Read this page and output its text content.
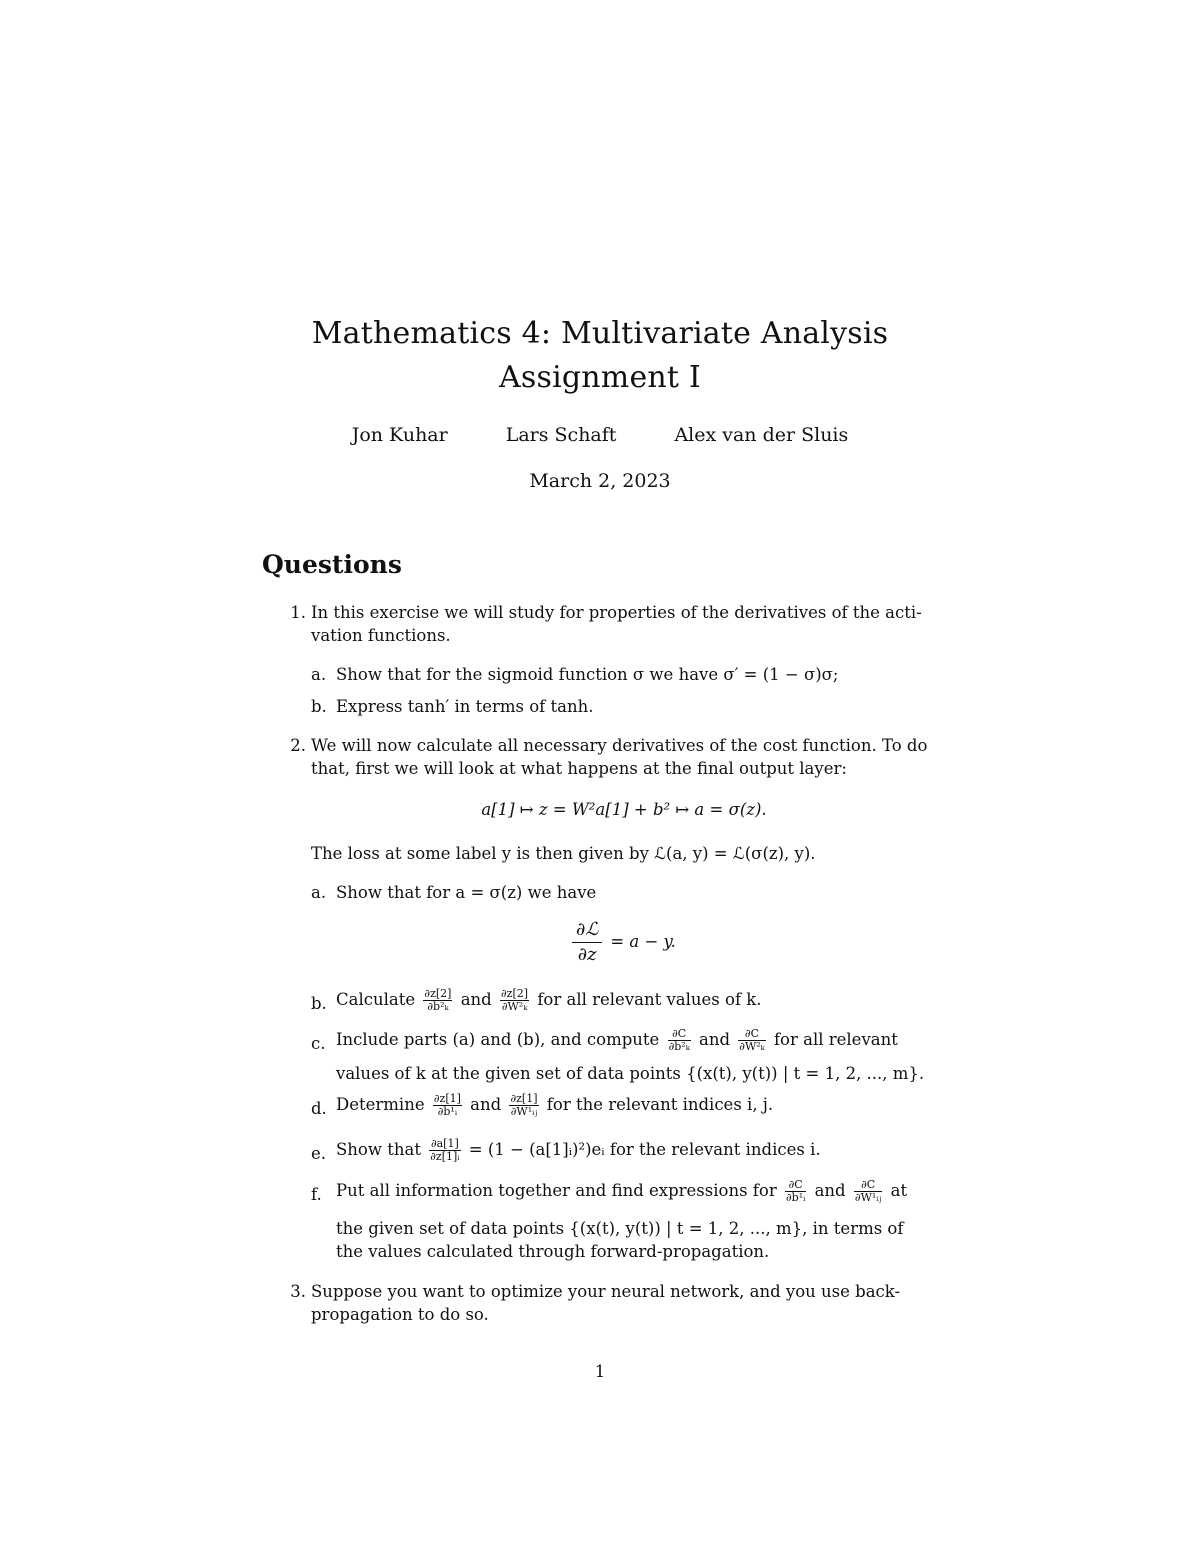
Mathematics 4: Multivariate Analysis
Assignment I
Jon Kuhar	Lars Schaft	Alex van der Sluis
March 2, 2023
Questions
1. In this exercise we will study for properties of the derivatives of the acti-
vation functions.
a. Show that for the sigmoid function σ we have σ′ = (1 − σ)σ;
b. Express tanh′ in terms of tanh.
2. We will now calculate all necessary derivatives of the cost function. To do
that, first we will look at what happens at the final output layer:
a[1] ↦ z = W²a[1] + b² ↦ a = σ(z).
The loss at some label y is then given by ℒ(a, y) = ℒ(σ(z), y).
a. Show that for a = σ(z) we have
∂ℒ
∂z
= a − y.
b. Calculate $\frac{\partial z[2]}{\text{∂b²ₖ}}$ and $\frac{\partial z[2]}{\text{∂W²ₖ}}$ for all relevant values of k.
c. Include parts (a) and (b), and compute $\frac{\partial C}{\text{∂b²ₖ}}$ and $\frac{\partial C}{\text{∂W²ₖ}}$ for all relevant
values of k at the given set of data points {(x(t), y(t)) | t = 1, 2, ..., m}.
d. Determine $\frac{\partial z[1]}{\text{∂b¹ᵢ}}$ and $\frac{\partial z[1]}{\text{∂W¹ᵢⱼ}}$ for the relevant indices i, j.
e. Show that $\frac{\partial a[1]}{\text{∂z[1]ᵢ}} = (1$ − (a[1]ᵢ)²)eᵢ for the relevant indices i.
f. Put all information together and find expressions for $\frac{\partial C}{\text{∂b¹ᵢ}}$ and $\frac{\partial C}{\text{∂W¹ᵢⱼ}}$ at
the given set of data points {(x(t), y(t)) | t = 1, 2, ..., m}, in terms of
the values calculated through forward-propagation.
3. Suppose you want to optimize your neural network, and you use back-
propagation to do so.
1
